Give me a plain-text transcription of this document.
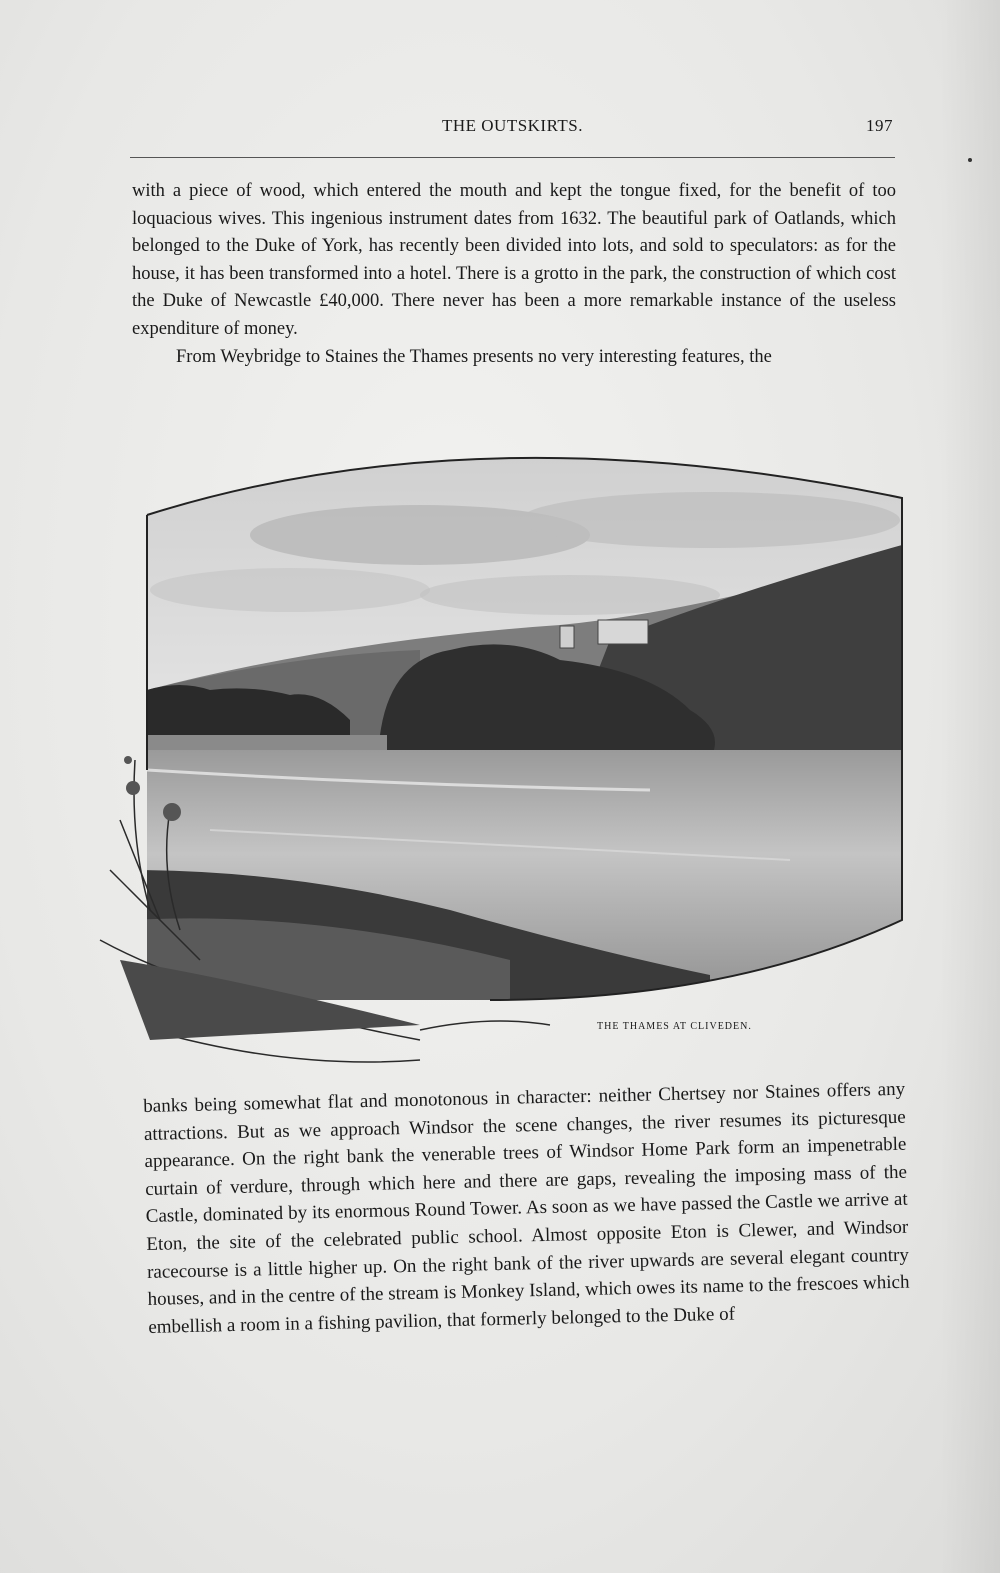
THE OUTSKIRTS.	197
with a piece of wood, which entered the mouth and kept the tongue fixed, for the benefit of too loquacious wives. This ingenious instrument dates from 1632. The beautiful park of Oatlands, which belonged to the Duke of York, has recently been divided into lots, and sold to speculators: as for the house, it has been transformed into a hotel. There is a grotto in the park, the construction of which cost the Duke of Newcastle £40,000. There never has been a more remarkable instance of the useless expenditure of money.
From Weybridge to Staines the Thames presents no very interesting features, the
THE THAMES AT CLIVEDEN.
banks being somewhat flat and monotonous in character: neither Chertsey nor Staines offers any attractions. But as we approach Windsor the scene changes, the river resumes its picturesque appearance. On the right bank the venerable trees of Windsor Home Park form an impenetrable curtain of verdure, through which here and there are gaps, revealing the imposing mass of the Castle, dominated by its enormous Round Tower. As soon as we have passed the Castle we arrive at Eton, the site of the celebrated public school. Almost opposite Eton is Clewer, and Windsor racecourse is a little higher up. On the right bank of the river upwards are several elegant country houses, and in the centre of the stream is Monkey Island, which owes its name to the frescoes which embellish a room in a fishing pavilion, that formerly belonged to the Duke of
